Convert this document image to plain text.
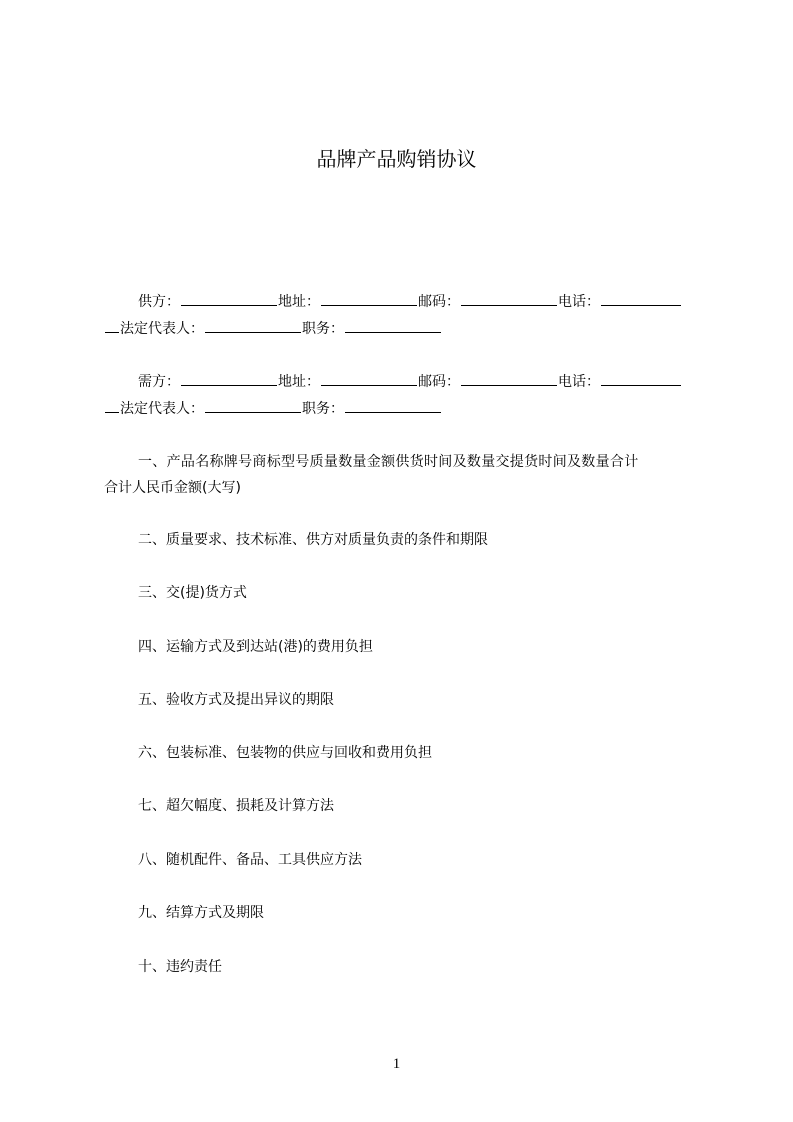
品牌产品购销协议
供方：	地址：	邮码：	电话：
法定代表人：	职务：
需方：	地址：	邮码：	电话：
法定代表人：	职务：
一、产品名称牌号商标型号质量数量金额供货时间及数量交提货时间及数量合计
合计人民币金额(大写)
二、质量要求、技术标准、供方对质量负责的条件和期限
三、交(提)货方式
四、运输方式及到达站(港)的费用负担
五、验收方式及提出异议的期限
六、包装标准、包装物的供应与回收和费用负担
七、超欠幅度、损耗及计算方法
八、随机配件、备品、工具供应方法
九、结算方式及期限
十、违约责任
1
